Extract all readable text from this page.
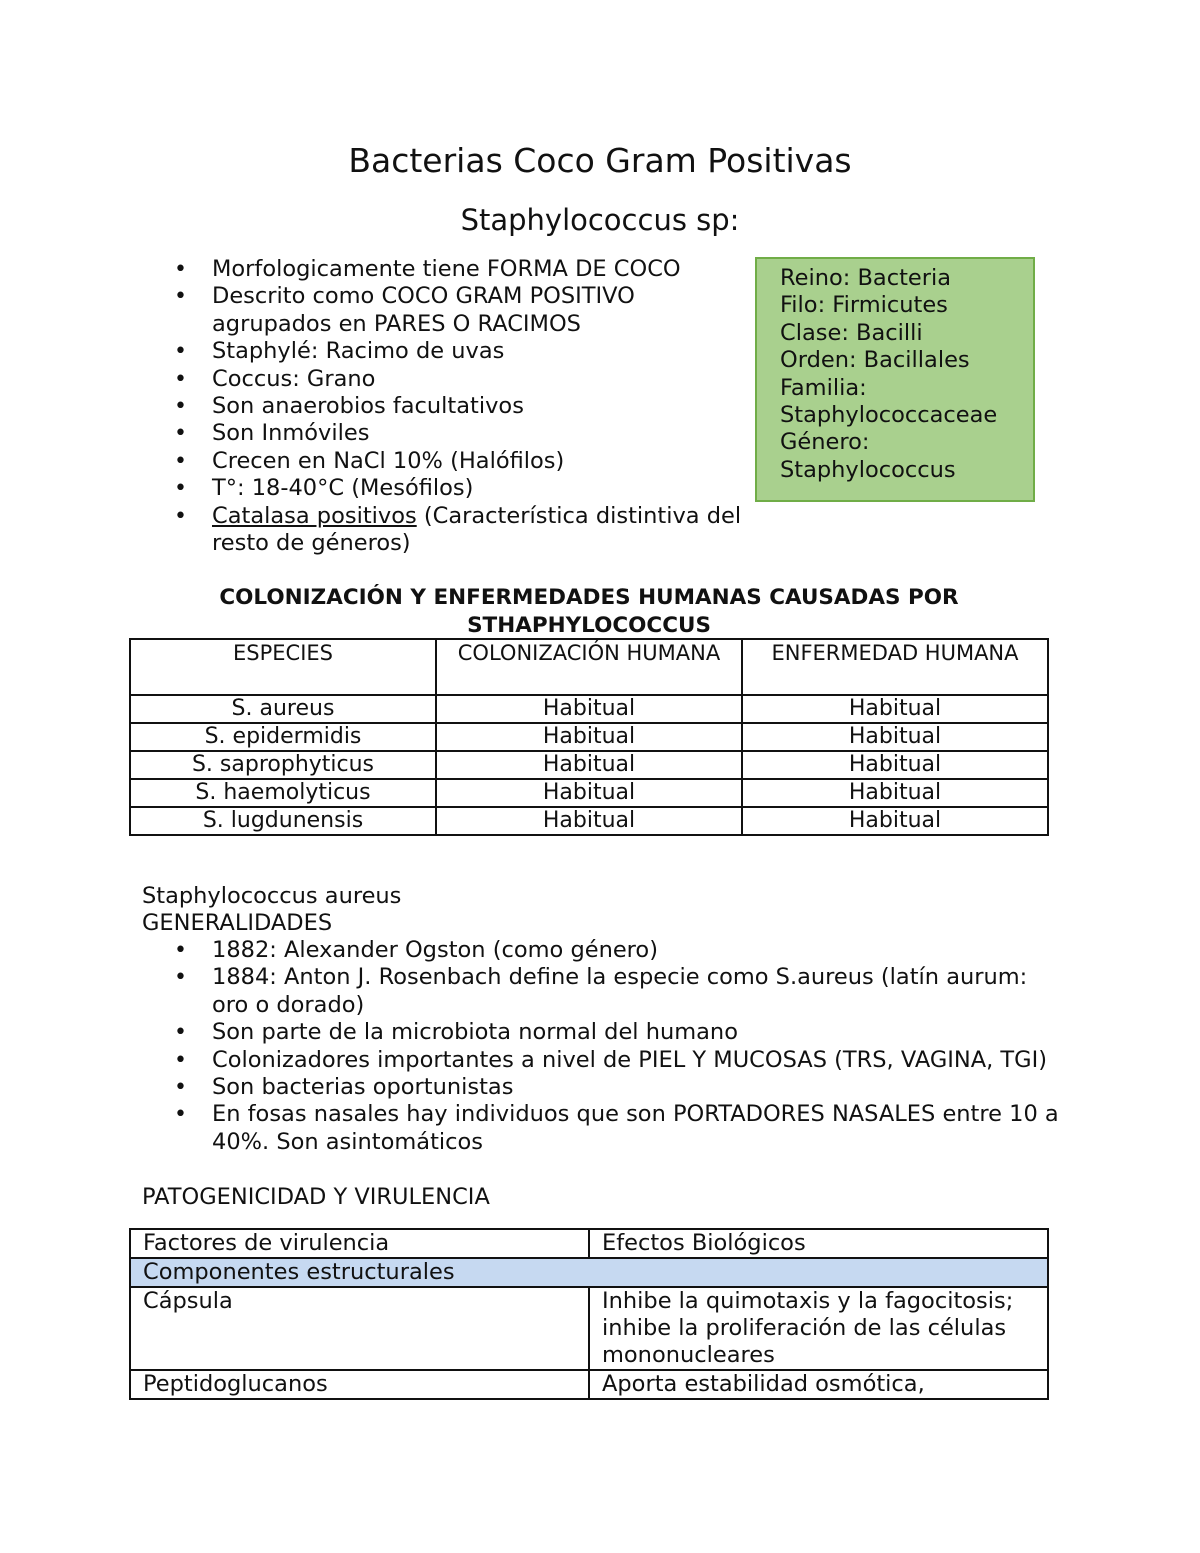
Bacterias Coco Gram Positivas
Staphylococcus sp:
• Morfologicamente tiene FORMA DE COCO
• Descrito como COCO GRAM POSITIVO agrupados en PARES O RACIMOS
• Staphylé: Racimo de uvas
• Coccus: Grano
• Son anaerobios facultativos
• Son Inmóviles
• Crecen en NaCl 10% (Halófilos)
• T°: 18-40°C (Mesófilos)
• Catalasa positivos (Característica distintiva del resto de géneros)
Reino: Bacteria
Filo: Firmicutes
Clase: Bacilli
Orden: Bacillales
Familia: Staphylococcaceae
Género: Staphylococcus
COLONIZACIÓN Y ENFERMEDADES HUMANAS CAUSADAS POR STHAPHYLOCOCCUS
ESPECIES	COLONIZACIÓN HUMANA	ENFERMEDAD HUMANA
S. aureus	Habitual	Habitual
S. epidermidis	Habitual	Habitual
S. saprophyticus	Habitual	Habitual
S. haemolyticus	Habitual	Habitual
S. lugdunensis	Habitual	Habitual
Staphylococcus aureus
GENERALIDADES
• 1882: Alexander Ogston (como género)
• 1884: Anton J. Rosenbach define la especie como S.aureus (latín aurum: oro o dorado)
• Son parte de la microbiota normal del humano
• Colonizadores importantes a nivel de PIEL Y MUCOSAS (TRS, VAGINA, TGI)
• Son bacterias oportunistas
• En fosas nasales hay individuos que son PORTADORES NASALES entre 10 a 40%. Son asintomáticos
PATOGENICIDAD Y VIRULENCIA
Factores de virulencia	Efectos Biológicos
Componentes estructurales	
Cápsula	Inhibe la quimotaxis y la fagocitosis; inhibe la proliferación de las células mononucleares
Peptidoglucanos	Aporta estabilidad osmótica,
